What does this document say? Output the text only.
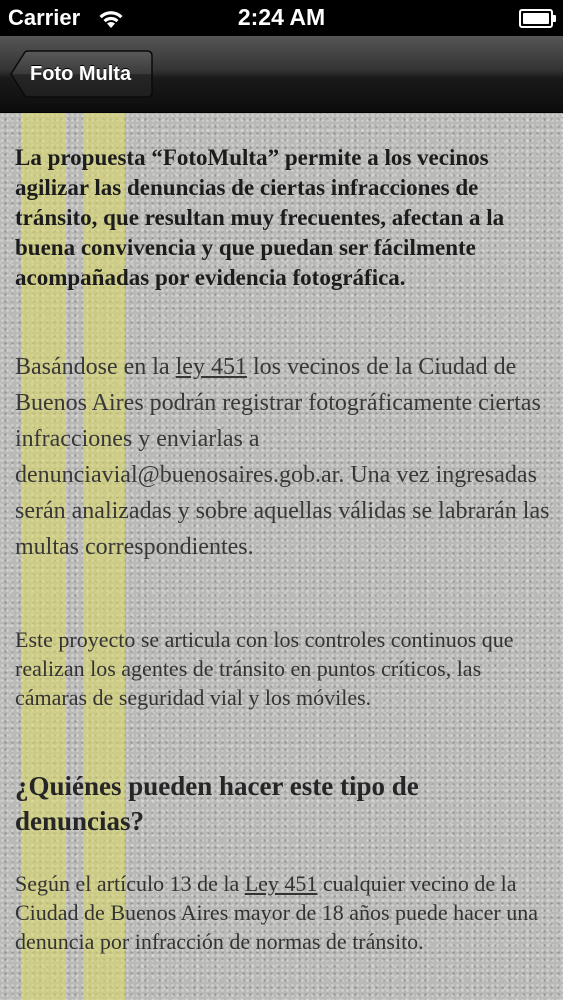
Carrier	2:24 AM
Foto Multa
La propuesta “FotoMulta” permite a los vecinos agilizar las denuncias de ciertas infracciones de tránsito, que resultan muy frecuentes, afectan a la buena convivencia y que puedan ser fácilmente acompañadas por evidencia fotográfica.
Basándose en la ley 451 los vecinos de la Ciudad de Buenos Aires podrán registrar fotográficamente ciertas infracciones y enviarlas a denunciavial@buenosaires.gob.ar. Una vez ingresadas serán analizadas y sobre aquellas válidas se labrarán las multas correspondientes.
Este proyecto se articula con los controles continuos que realizan los agentes de tránsito en puntos críticos, las cámaras de seguridad vial y los móviles.
¿Quiénes pueden hacer este tipo de denuncias?
Según el artículo 13 de la Ley 451 cualquier vecino de la Ciudad de Buenos Aires mayor de 18 años puede hacer una denuncia por infracción de normas de tránsito.
